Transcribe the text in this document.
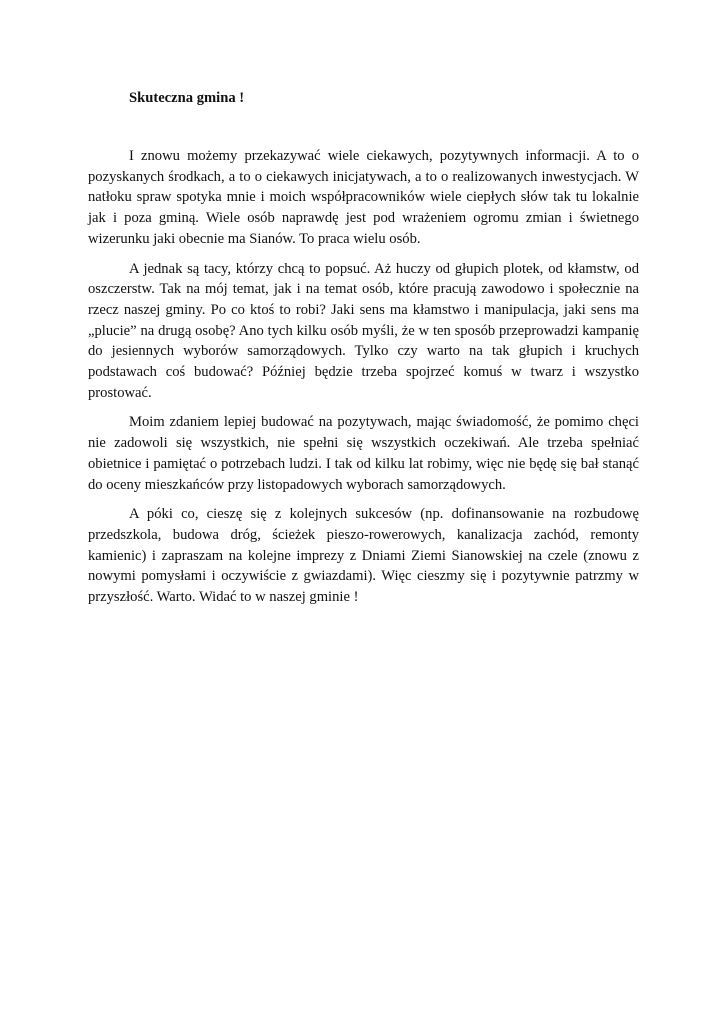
Skuteczna gmina !

I znowu możemy przekazywać wiele ciekawych, pozytywnych informacji. A to o pozyskanych środkach, a to o ciekawych inicjatywach, a to o realizowanych inwestycjach. W natłoku spraw spotyka mnie i moich współpracowników wiele ciepłych słów tak tu lokalnie jak i poza gminą. Wiele osób naprawdę jest pod wrażeniem ogromu zmian i świetnego wizerunku jaki obecnie ma Sianów. To praca wielu osób.

A jednak są tacy, którzy chcą to popsuć. Aż huczy od głupich plotek, od kłamstw, od oszczerstw. Tak na mój temat, jak i na temat osób, które pracują zawodowo i społecznie na rzecz naszej gminy. Po co ktoś to robi? Jaki sens ma kłamstwo i manipulacja, jaki sens ma „plucie” na drugą osobę? Ano tych kilku osób myśli, że w ten sposób przeprowadzi kampanię do jesiennych wyborów samorządowych. Tylko czy warto na tak głupich i kruchych podstawach coś budować? Później będzie trzeba spojrzeć komuś w twarz i wszystko prostować.

Moim zdaniem lepiej budować na pozytywach, mając świadomość, że pomimo chęci nie zadowoli się wszystkich, nie spełni się wszystkich oczekiwań. Ale trzeba spełniać obietnice i pamiętać o potrzebach ludzi. I tak od kilku lat robimy, więc nie będę się bał stanąć do oceny mieszkańców przy listopadowych wyborach samorządowych.

A póki co, cieszę się z kolejnych sukcesów (np. dofinansowanie na rozbudowę przedszkola, budowa dróg, ścieżek pieszo-rowerowych, kanalizacja zachód, remonty kamienic) i zapraszam na kolejne imprezy z Dniami Ziemi Sianowskiej na czele (znowu z nowymi pomysłami i oczywiście z gwiazdami). Więc cieszmy się i pozytywnie patrzmy w przyszłość. Warto. Widać to w naszej gminie !
